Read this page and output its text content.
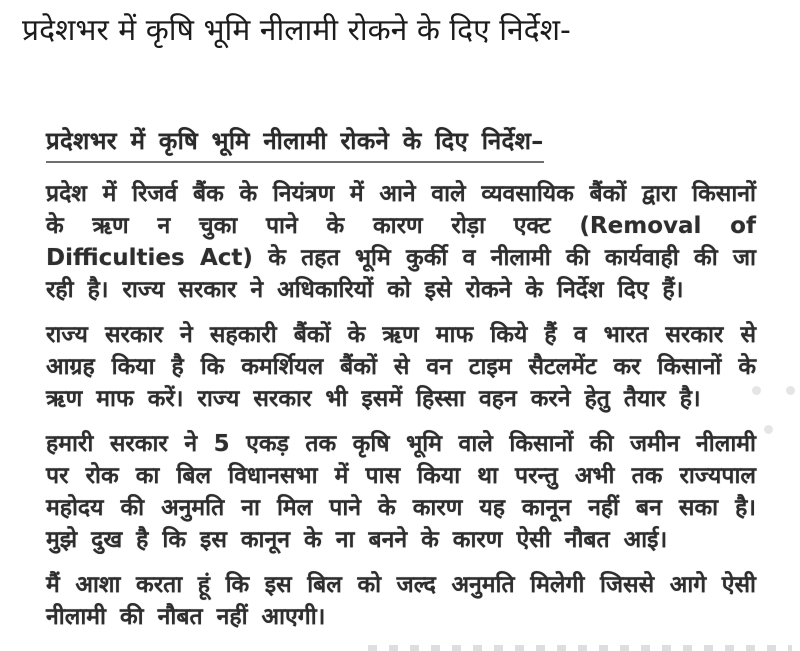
प्रदेशभर में कृषि भूमि नीलामी रोकने के दिए निर्देश-
प्रदेशभर में कृषि भूमि नीलामी रोकने के दिए निर्देश–

प्रदेश में रिजर्व बैंक के नियंत्रण में आने वाले व्यवसायिक बैंकों द्वारा किसानों के ऋण न चुका पाने के कारण रोड़ा एक्ट (Removal of Difficulties Act) के तहत भूमि कुर्की व नीलामी की कार्यवाही की जा रही है। राज्य सरकार ने अधिकारियों को इसे रोकने के निर्देश दिए हैं।

राज्य सरकार ने सहकारी बैंकों के ऋण माफ किये हैं व भारत सरकार से आग्रह किया है कि कमर्शियल बैंकों से वन टाइम सैटलमेंट कर किसानों के ऋण माफ करें। राज्य सरकार भी इसमें हिस्सा वहन करने हेतु तैयार है।

हमारी सरकार ने 5 एकड़ तक कृषि भूमि वाले किसानों की जमीन नीलामी पर रोक का बिल विधानसभा में पास किया था परन्तु अभी तक राज्यपाल महोदय की अनुमति ना मिल पाने के कारण यह कानून नहीं बन सका है। मुझे दुख है कि इस कानून के ना बनने के कारण ऐसी नौबत आई।

मैं आशा करता हूं कि इस बिल को जल्द अनुमति मिलेगी जिससे आगे ऐसी नीलामी की नौबत नहीं आएगी।
